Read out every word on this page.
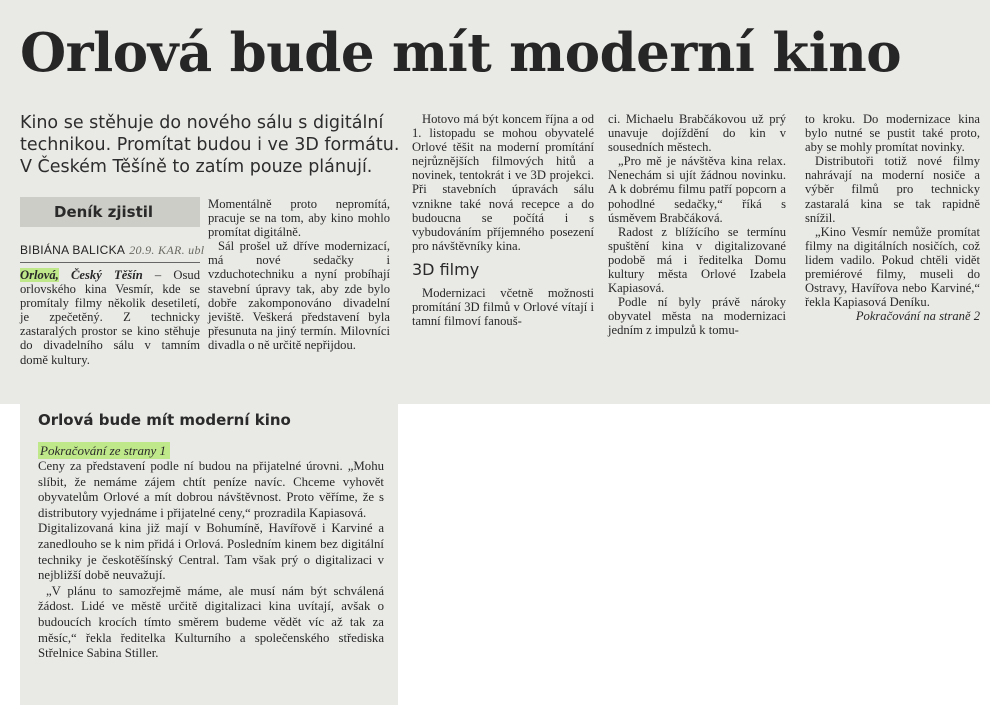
Orlová bude mít moderní kino

Kino se stěhuje do nového sálu s digitální technikou. Promítat budou i ve 3D formátu. V Českém Těšíně to zatím pouze plánují.

Deník zjistil
BIBIÁNA BALICKA 20.9. KAR. ubl

Orlová, Český Těšín – Osud orlovského kina Vesmír, kde se promítaly filmy několik desetiletí, je zpečetěný. Z technicky zastaralých prostor se kino stěhuje do divadelního sálu v tamním domě kultury.

Momentálně proto nepromítá, pracuje se na tom, aby kino mohlo promítat digitálně.

Sál prošel už dříve modernizací, má nové sedačky i vzduchotechniku a nyní probíhají stavební úpravy tak, aby zde bylo dobře zakomponováno divadelní jeviště. Veškerá představení byla přesunuta na jiný termín. Milovníci divadla o ně určitě nepřijdou.

Hotovo má být koncem října a od 1. listopadu se mohou obyvatelé Orlové těšit na moderní promítání nejrůznějších filmových hitů a novinek, tentokrát i ve 3D projekci. Při stavebních úpravách sálu vznikne také nová recepce a do budoucna se počítá i s vybudováním příjemného posezení pro návštěvníky kina.

3D filmy

Modernizaci včetně možnosti promítání 3D filmů v Orlové vítají i tamní filmoví fanouš-

ci. Michaelu Brabčákovou už prý unavuje dojíždění do kin v sousedních městech.

„Pro mě je návštěva kina relax. Nenechám si ujít žádnou novinku. A k dobrému filmu patří popcorn a pohodlné sedačky,“ říká s úsměvem Brabčáková.

Radost z blížícího se termínu spuštění kina v digitalizované podobě má i ředitelka Domu kultury města Orlové Izabela Kapiasová.

Podle ní byly právě nároky obyvatel města na modernizaci jedním z impulzů k tomu-

to kroku. Do modernizace kina bylo nutné se pustit také proto, aby se mohly promítat novinky.

Distributoři totiž nové filmy nahrávají na moderní nosiče a výběr filmů pro technicky zastaralá kina se tak rapidně snížil.

„Kino Vesmír nemůže promítat filmy na digitálních nosičích, což lidem vadilo. Pokud chtěli vidět premiérové filmy, museli do Ostravy, Havířova nebo Karviné,“ řekla Kapiasová Deníku.

Pokračování na straně 2

Orlová bude mít moderní kino

Pokračování ze strany 1

Ceny za představení podle ní budou na přijatelné úrovni. „Mohu slíbit, že nemáme zájem chtít peníze navíc. Chceme vyhovět obyvatelům Orlové a mít dobrou návštěvnost. Proto věříme, že s distributory vyjednáme i přijatelné ceny,“ prozradila Kapiasová.

Digitalizovaná kina již mají v Bohumíně, Havířově i Karviné a zanedlouho se k nim přidá i Orlová. Posledním kinem bez digitální techniky je českotěšínský Central. Tam však prý o digitalizaci v nejbližší době neuvažují.

„V plánu to samozřejmě máme, ale musí nám být schválená žádost. Lidé ve městě určitě digitalizaci kina uvítají, avšak o budoucích krocích tímto směrem budeme vědět víc až tak za měsíc,“ řekla ředitelka Kulturního a společenského střediska Střelnice Sabina Stiller.
